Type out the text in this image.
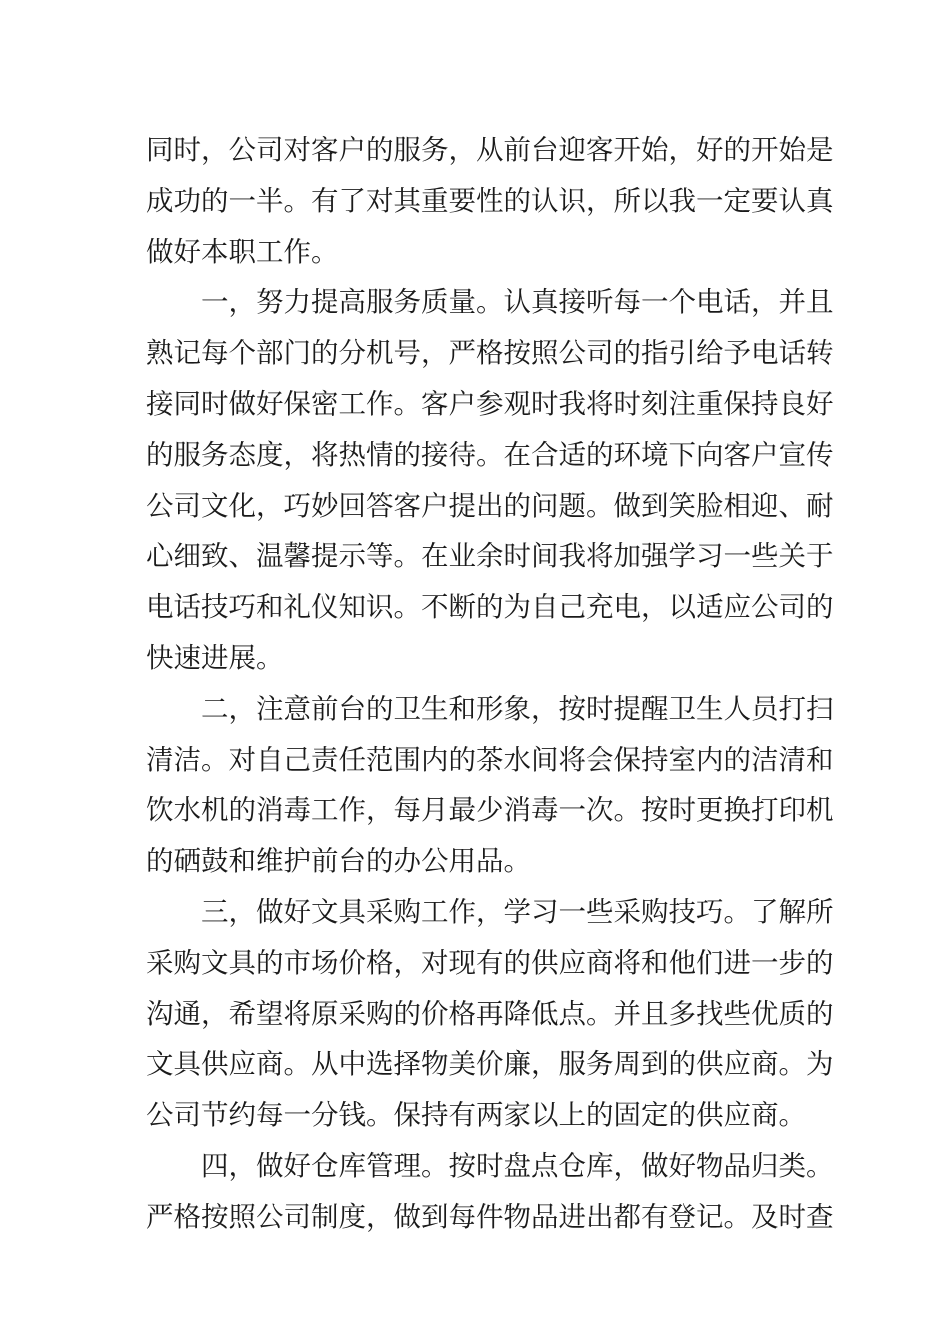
同时，公司对客户的服务，从前台迎客开始，好的开始是
成功的一半。有了对其重要性的认识，所以我一定要认真
做好本职工作。
一，努力提高服务质量。认真接听每一个电话，并且
熟记每个部门的分机号，严格按照公司的指引给予电话转
接同时做好保密工作。客户参观时我将时刻注重保持良好
的服务态度，将热情的接待。在合适的环境下向客户宣传
公司文化，巧妙回答客户提出的问题。做到笑脸相迎、耐
心细致、温馨提示等。在业余时间我将加强学习一些关于
电话技巧和礼仪知识。不断的为自己充电，以适应公司的
快速进展。
二，注意前台的卫生和形象，按时提醒卫生人员打扫
清洁。对自己责任范围内的茶水间将会保持室内的洁清和
饮水机的消毒工作，每月最少消毒一次。按时更换打印机
的硒鼓和维护前台的办公用品。
三，做好文具采购工作，学习一些采购技巧。了解所
采购文具的市场价格，对现有的供应商将和他们进一步的
沟通，希望将原采购的价格再降低点。并且多找些优质的
文具供应商。从中选择物美价廉，服务周到的供应商。为
公司节约每一分钱。保持有两家以上的固定的供应商。
四，做好仓库管理。按时盘点仓库，做好物品归类。
严格按照公司制度，做到每件物品进出都有登记。及时查
